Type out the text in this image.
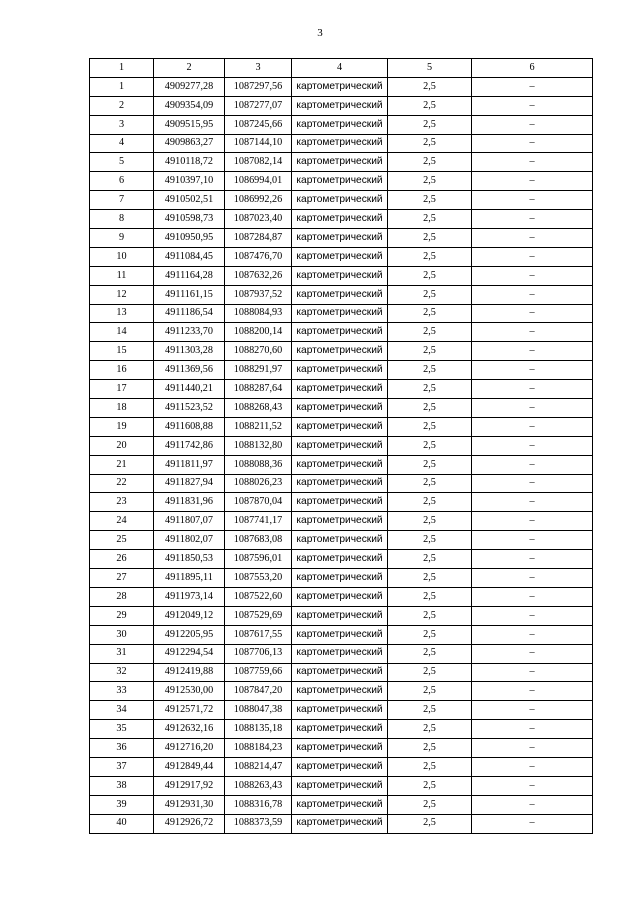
3
1	2	3	4	5	6
1	4909277,28	1087297,56	картометрический	2,5	–
2	4909354,09	1087277,07	картометрический	2,5	–
3	4909515,95	1087245,66	картометрический	2,5	–
4	4909863,27	1087144,10	картометрический	2,5	–
5	4910118,72	1087082,14	картометрический	2,5	–
6	4910397,10	1086994,01	картометрический	2,5	–
7	4910502,51	1086992,26	картометрический	2,5	–
8	4910598,73	1087023,40	картометрический	2,5	–
9	4910950,95	1087284,87	картометрический	2,5	–
10	4911084,45	1087476,70	картометрический	2,5	–
11	4911164,28	1087632,26	картометрический	2,5	–
12	4911161,15	1087937,52	картометрический	2,5	–
13	4911186,54	1088084,93	картометрический	2,5	–
14	4911233,70	1088200,14	картометрический	2,5	–
15	4911303,28	1088270,60	картометрический	2,5	–
16	4911369,56	1088291,97	картометрический	2,5	–
17	4911440,21	1088287,64	картометрический	2,5	–
18	4911523,52	1088268,43	картометрический	2,5	–
19	4911608,88	1088211,52	картометрический	2,5	–
20	4911742,86	1088132,80	картометрический	2,5	–
21	4911811,97	1088088,36	картометрический	2,5	–
22	4911827,94	1088026,23	картометрический	2,5	–
23	4911831,96	1087870,04	картометрический	2,5	–
24	4911807,07	1087741,17	картометрический	2,5	–
25	4911802,07	1087683,08	картометрический	2,5	–
26	4911850,53	1087596,01	картометрический	2,5	–
27	4911895,11	1087553,20	картометрический	2,5	–
28	4911973,14	1087522,60	картометрический	2,5	–
29	4912049,12	1087529,69	картометрический	2,5	–
30	4912205,95	1087617,55	картометрический	2,5	–
31	4912294,54	1087706,13	картометрический	2,5	–
32	4912419,88	1087759,66	картометрический	2,5	–
33	4912530,00	1087847,20	картометрический	2,5	–
34	4912571,72	1088047,38	картометрический	2,5	–
35	4912632,16	1088135,18	картометрический	2,5	–
36	4912716,20	1088184,23	картометрический	2,5	–
37	4912849,44	1088214,47	картометрический	2,5	–
38	4912917,92	1088263,43	картометрический	2,5	–
39	4912931,30	1088316,78	картометрический	2,5	–
40	4912926,72	1088373,59	картометрический	2,5	–
